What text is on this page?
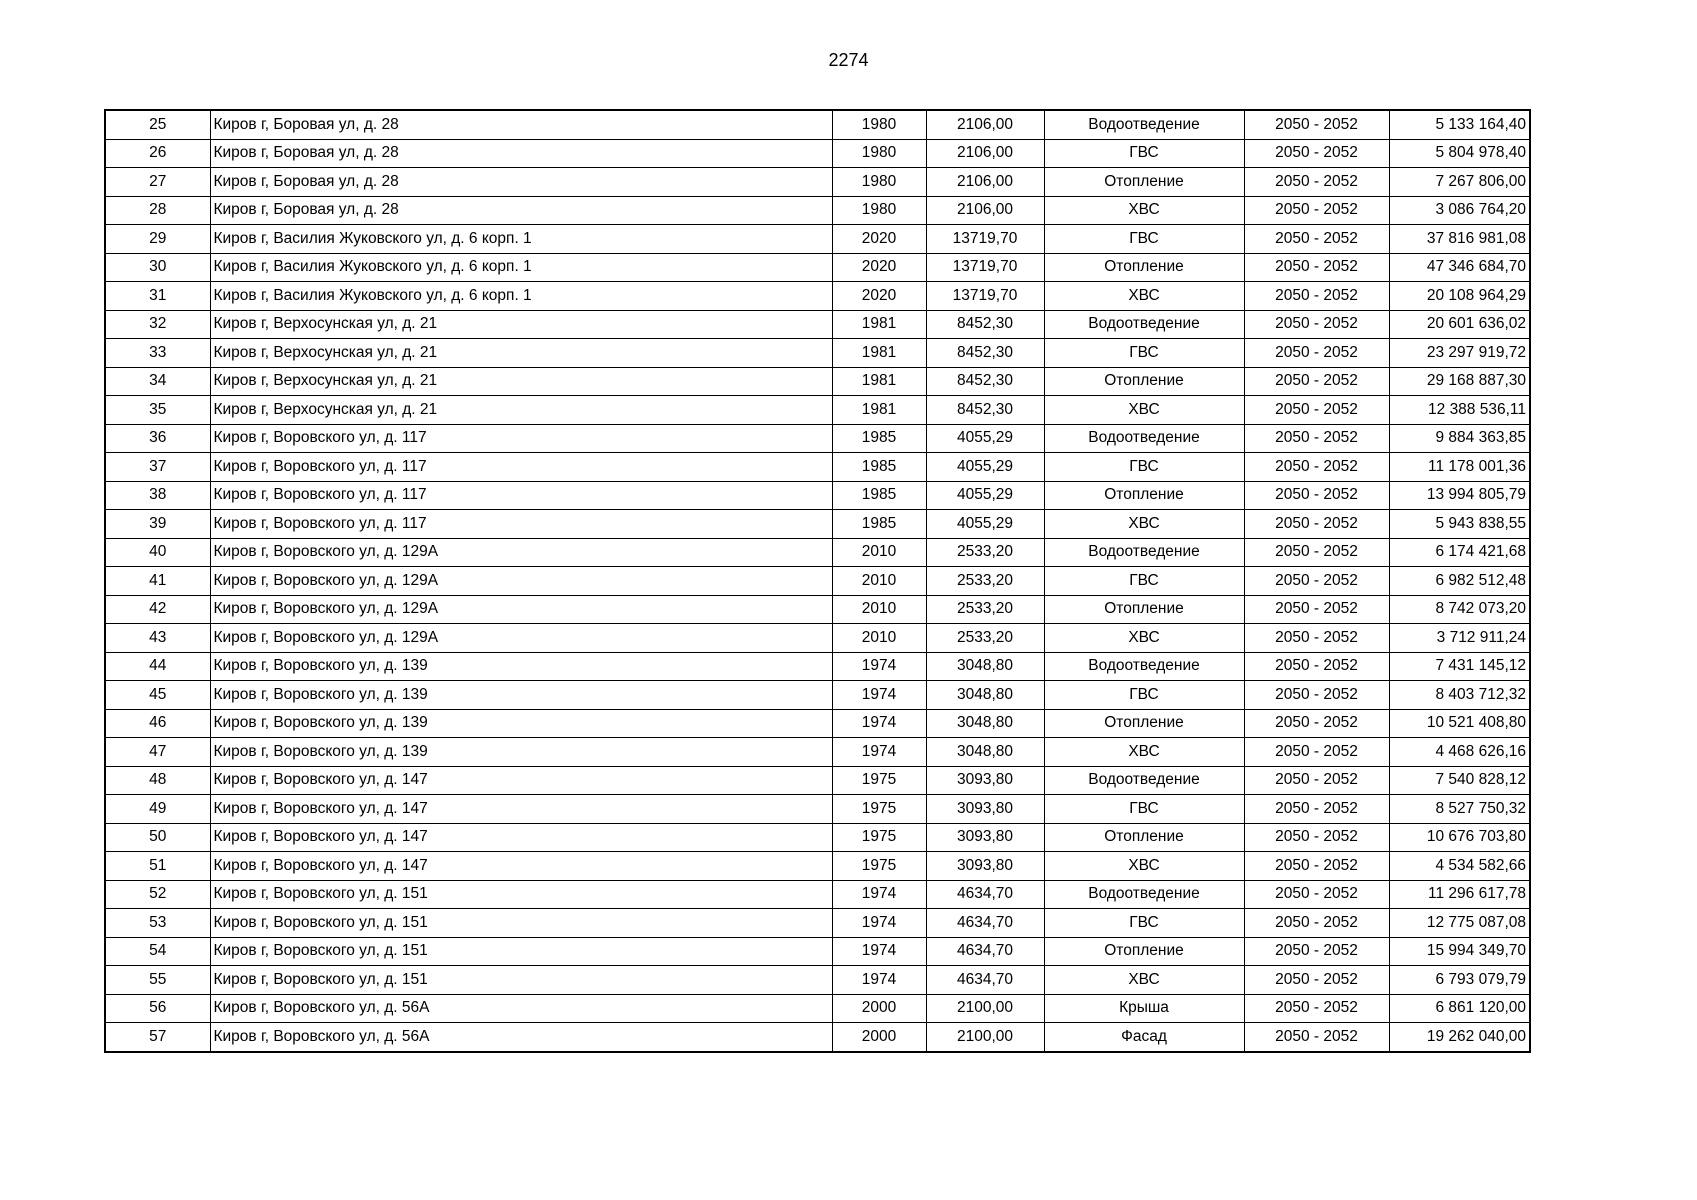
2274
25	Киров г, Боровая ул, д. 28	1980	2106,00	Водоотведение	2050 - 2052	5 133 164,40
26	Киров г, Боровая ул, д. 28	1980	2106,00	ГВС	2050 - 2052	5 804 978,40
27	Киров г, Боровая ул, д. 28	1980	2106,00	Отопление	2050 - 2052	7 267 806,00
28	Киров г, Боровая ул, д. 28	1980	2106,00	ХВС	2050 - 2052	3 086 764,20
29	Киров г, Василия Жуковского ул, д. 6 корп. 1	2020	13719,70	ГВС	2050 - 2052	37 816 981,08
30	Киров г, Василия Жуковского ул, д. 6 корп. 1	2020	13719,70	Отопление	2050 - 2052	47 346 684,70
31	Киров г, Василия Жуковского ул, д. 6 корп. 1	2020	13719,70	ХВС	2050 - 2052	20 108 964,29
32	Киров г, Верхосунская ул, д. 21	1981	8452,30	Водоотведение	2050 - 2052	20 601 636,02
33	Киров г, Верхосунская ул, д. 21	1981	8452,30	ГВС	2050 - 2052	23 297 919,72
34	Киров г, Верхосунская ул, д. 21	1981	8452,30	Отопление	2050 - 2052	29 168 887,30
35	Киров г, Верхосунская ул, д. 21	1981	8452,30	ХВС	2050 - 2052	12 388 536,11
36	Киров г, Воровского ул, д. 117	1985	4055,29	Водоотведение	2050 - 2052	9 884 363,85
37	Киров г, Воровского ул, д. 117	1985	4055,29	ГВС	2050 - 2052	11 178 001,36
38	Киров г, Воровского ул, д. 117	1985	4055,29	Отопление	2050 - 2052	13 994 805,79
39	Киров г, Воровского ул, д. 117	1985	4055,29	ХВС	2050 - 2052	5 943 838,55
40	Киров г, Воровского ул, д. 129А	2010	2533,20	Водоотведение	2050 - 2052	6 174 421,68
41	Киров г, Воровского ул, д. 129А	2010	2533,20	ГВС	2050 - 2052	6 982 512,48
42	Киров г, Воровского ул, д. 129А	2010	2533,20	Отопление	2050 - 2052	8 742 073,20
43	Киров г, Воровского ул, д. 129А	2010	2533,20	ХВС	2050 - 2052	3 712 911,24
44	Киров г, Воровского ул, д. 139	1974	3048,80	Водоотведение	2050 - 2052	7 431 145,12
45	Киров г, Воровского ул, д. 139	1974	3048,80	ГВС	2050 - 2052	8 403 712,32
46	Киров г, Воровского ул, д. 139	1974	3048,80	Отопление	2050 - 2052	10 521 408,80
47	Киров г, Воровского ул, д. 139	1974	3048,80	ХВС	2050 - 2052	4 468 626,16
48	Киров г, Воровского ул, д. 147	1975	3093,80	Водоотведение	2050 - 2052	7 540 828,12
49	Киров г, Воровского ул, д. 147	1975	3093,80	ГВС	2050 - 2052	8 527 750,32
50	Киров г, Воровского ул, д. 147	1975	3093,80	Отопление	2050 - 2052	10 676 703,80
51	Киров г, Воровского ул, д. 147	1975	3093,80	ХВС	2050 - 2052	4 534 582,66
52	Киров г, Воровского ул, д. 151	1974	4634,70	Водоотведение	2050 - 2052	11 296 617,78
53	Киров г, Воровского ул, д. 151	1974	4634,70	ГВС	2050 - 2052	12 775 087,08
54	Киров г, Воровского ул, д. 151	1974	4634,70	Отопление	2050 - 2052	15 994 349,70
55	Киров г, Воровского ул, д. 151	1974	4634,70	ХВС	2050 - 2052	6 793 079,79
56	Киров г, Воровского ул, д. 56А	2000	2100,00	Крыша	2050 - 2052	6 861 120,00
57	Киров г, Воровского ул, д. 56А	2000	2100,00	Фасад	2050 - 2052	19 262 040,00
